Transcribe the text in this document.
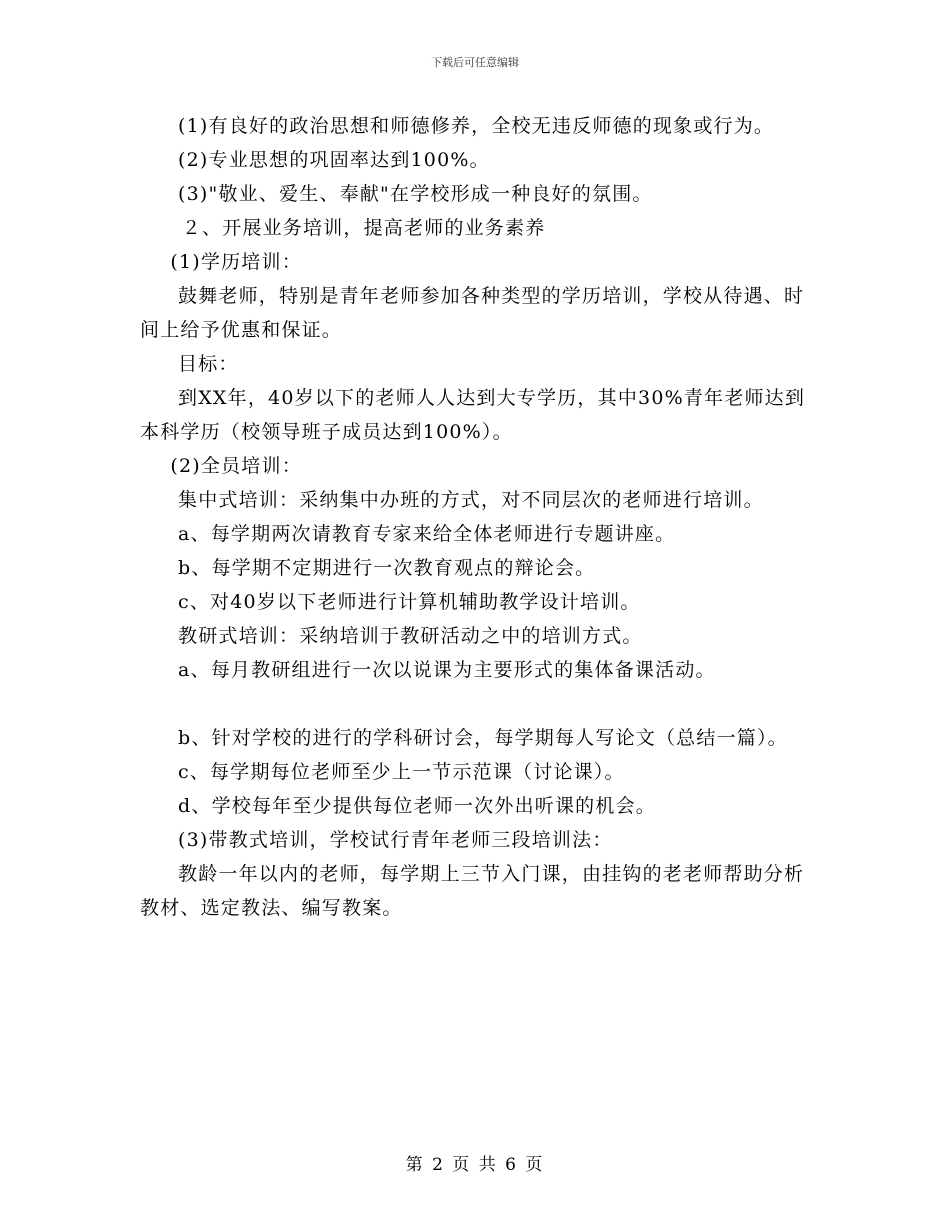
下载后可任意编辑

(1)有良好的政治思想和师德修养，全校无违反师德的现象或行为。

(2)专业思想的巩固率达到100%。

(3)"敬业、爱生、奉献"在学校形成一种良好的氛围。

２、开展业务培训，提高老师的业务素养

(1)学历培训：

鼓舞老师，特别是青年老师参加各种类型的学历培训，学校从待遇、时间上给予优惠和保证。

目标：

到XX年，40岁以下的老师人人达到大专学历，其中30%青年老师达到本科学历（校领导班子成员达到100%）。

(2)全员培训：

集中式培训：采纳集中办班的方式，对不同层次的老师进行培训。

a、每学期两次请教育专家来给全体老师进行专题讲座。

b、每学期不定期进行一次教育观点的辩论会。

c、对40岁以下老师进行计算机辅助教学设计培训。

教研式培训：采纳培训于教研活动之中的培训方式。

a、每月教研组进行一次以说课为主要形式的集体备课活动。

b、针对学校的进行的学科研讨会，每学期每人写论文（总结一篇）。

c、每学期每位老师至少上一节示范课（讨论课）。

d、学校每年至少提供每位老师一次外出听课的机会。

(3)带教式培训，学校试行青年老师三段培训法：

教龄一年以内的老师，每学期上三节入门课，由挂钩的老老师帮助分析教材、选定教法、编写教案。

第 2 页 共 6 页
